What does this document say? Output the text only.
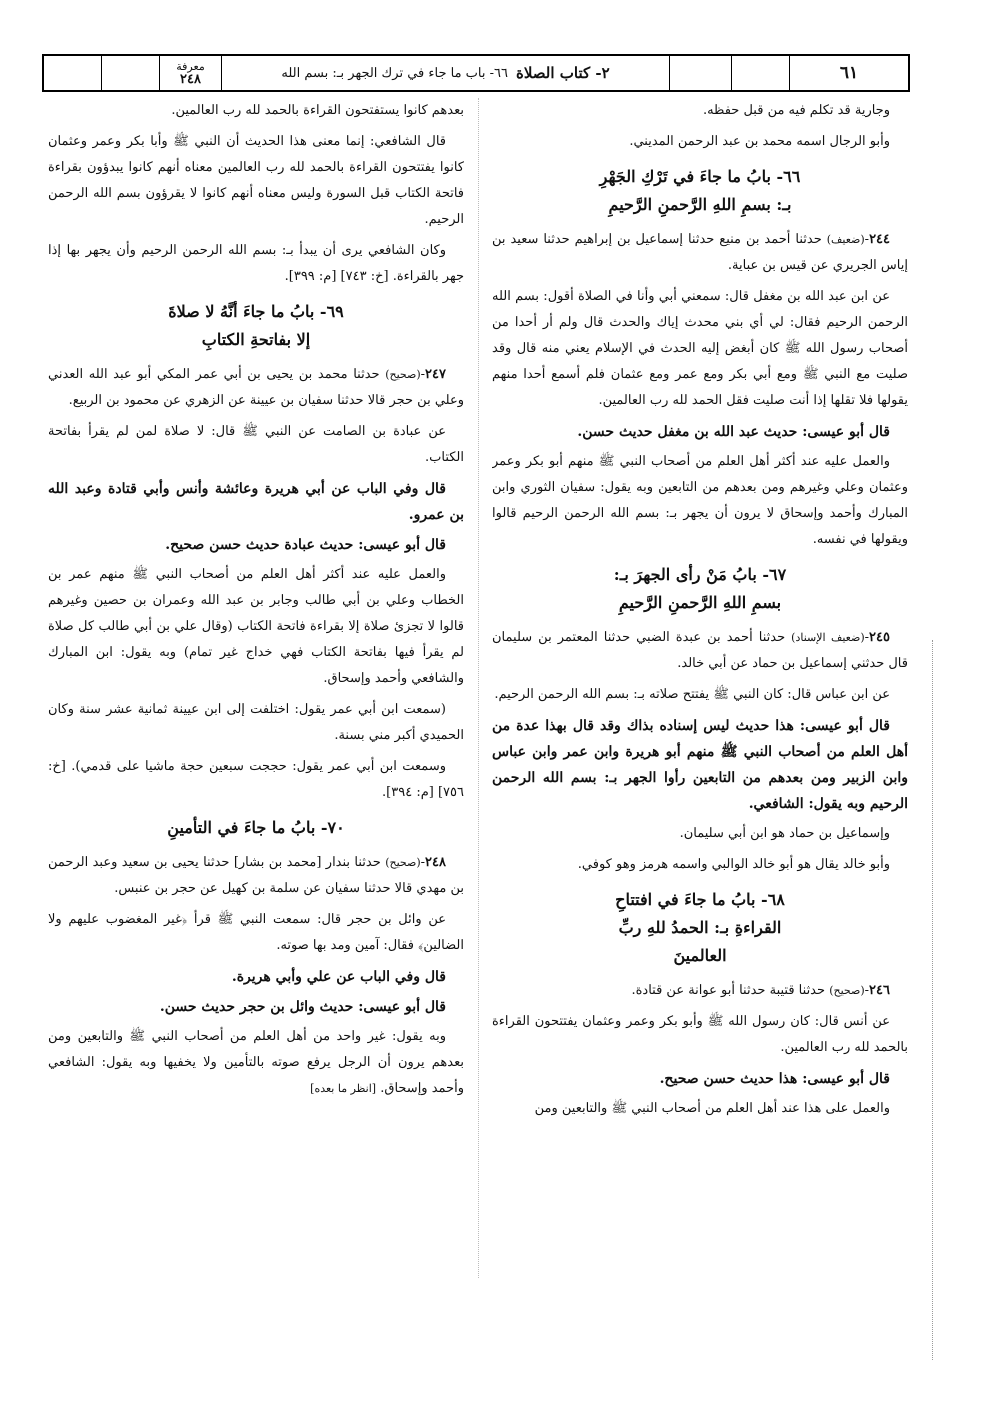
معرفة
٢٤٨	٢- كتاب الصلاة
٦٦- باب ما جاء في ترك الجهر بـ: بسم الله	٦١

وجارية قد تكلم فيه من قبل حفظه.

وأبو الرجال اسمه محمد بن عبد الرحمن المديني.

٦٦- بابُ ما جاءَ في تَرْكِ الجَهْرِ
بـ: بسمِ اللهِ الرَّحمنِ الرَّحيمِ

٢٤٤-(ضعيف) حدثنا أحمد بن منيع حدثنا إسماعيل بن إبراهيم حدثنا سعيد بن إياس الجريري عن قيس بن عباية.

عن ابن عبد الله بن مغفل قال: سمعني أبي وأنا في الصلاة أقول: بسم الله الرحمن الرحيم فقال: لي أي بني محدث إياك والحدث قال ولم أر أحدا من أصحاب رسول الله ﷺ كان أبغض إليه الحدث في الإسلام يعني منه قال وقد صليت مع النبي ﷺ ومع أبي بكر ومع عمر ومع عثمان فلم أسمع أحدا منهم يقولها فلا تقلها إذا أنت صليت فقل الحمد لله رب العالمين.

قال أبو عيسى: حديث عبد الله بن مغفل حديث حسن.

والعمل عليه عند أكثر أهل العلم من أصحاب النبي ﷺ منهم أبو بكر وعمر وعثمان وعلي وغيرهم ومن بعدهم من التابعين وبه يقول: سفيان الثوري وابن المبارك وأحمد وإسحاق لا يرون أن يجهر بـ: بسم الله الرحمن الرحيم قالوا ويقولها في نفسه.

٦٧- بابُ مَنْ رأى الجهرَ بـ:
بسمِ اللهِ الرَّحمنِ الرَّحيمِ

٢٤٥-(ضعيف الإسناد) حدثنا أحمد بن عبدة الضبي حدثنا المعتمر بن سليمان قال حدثني إسماعيل بن حماد عن أبي خالد.

عن ابن عباس قال: كان النبي ﷺ يفتتح صلاته بـ: بسم الله الرحمن الرحيم.

قال أبو عيسى: هذا حديث ليس إسناده بذاك وقد قال بهذا عدة من أهل العلم من أصحاب النبي ﷺ منهم أبو هريرة وابن عمر وابن عباس وابن الزبير ومن بعدهم من التابعين رأوا الجهر بـ: بسم الله الرحمن الرحيم وبه يقول: الشافعي.

وإسماعيل بن حماد هو ابن أبي سليمان.

وأبو خالد يقال هو أبو خالد الوالبي واسمه هرمز وهو كوفي.

٦٨- بابُ ما جاءَ في افتتاحِ
القراءةِ بـ: الحمدُ للهِ ربِّ
العالمينَ

٢٤٦-(صحيح) حدثنا قتيبة حدثنا أبو عوانة عن قتادة.

عن أنس قال: كان رسول الله ﷺ وأبو بكر وعمر وعثمان يفتتحون القراءة بالحمد لله رب العالمين.

قال أبو عيسى: هذا حديث حسن صحيح.

والعمل على هذا عند أهل العلم من أصحاب النبي ﷺ والتابعين ومن

بعدهم كانوا يستفتحون القراءة بالحمد لله رب العالمين.

قال الشافعي: إنما معنى هذا الحديث أن النبي ﷺ وأبا بكر وعمر وعثمان كانوا يفتتحون القراءة بالحمد لله رب العالمين معناه أنهم كانوا يبدؤون بقراءة فاتحة الكتاب قبل السورة وليس معناه أنهم كانوا لا يقرؤون بسم الله الرحمن الرحيم.

وكان الشافعي يرى أن يبدأ بـ: بسم الله الرحمن الرحيم وأن يجهر بها إذا جهر بالقراءة. [خ: ٧٤٣] [م: ٣٩٩].

٦٩- بابُ ما جاءَ أنَّهُ لا صلاةَ
إلا بفاتحةِ الكتابِ

٢٤٧-(صحيح) حدثنا محمد بن يحيى بن أبي عمر المكي أبو عبد الله العدني وعلي بن حجر قالا حدثنا سفيان بن عيينة عن الزهري عن محمود بن الربيع.

عن عبادة بن الصامت عن النبي ﷺ قال: لا صلاة لمن لم يقرأ بفاتحة الكتاب.

قال وفي الباب عن أبي هريرة وعائشة وأنس وأبي قتادة وعبد الله بن عمرو.

قال أبو عيسى: حديث عبادة حديث حسن صحيح.

والعمل عليه عند أكثر أهل العلم من أصحاب النبي ﷺ منهم عمر بن الخطاب وعلي بن أبي طالب وجابر بن عبد الله وعمران بن حصين وغيرهم قالوا لا تجزئ صلاة إلا بقراءة فاتحة الكتاب (وقال علي بن أبي طالب كل صلاة لم يقرأ فيها بفاتحة الكتاب فهي خداج غير تمام) وبه يقول: ابن المبارك والشافعي وأحمد وإسحاق.

(سمعت ابن أبي عمر يقول: اختلفت إلى ابن عيينة ثمانية عشر سنة وكان الحميدي أكبر مني بسنة.

وسمعت ابن أبي عمر يقول: حججت سبعين حجة ماشيا على قدمي). [خ: ٧٥٦] [م: ٣٩٤].

٧٠- بابُ ما جاءَ في التأمينِ

٢٤٨-(صحيح) حدثنا بندار [محمد بن بشار] حدثنا يحيى بن سعيد وعبد الرحمن بن مهدي قالا حدثنا سفيان عن سلمة بن كهيل عن حجر بن عنبس.

عن وائل بن حجر قال: سمعت النبي ﷺ قرأ ﴿غير المغضوب عليهم ولا الضالين﴾ فقال: آمين ومد بها صوته.

قال وفي الباب عن علي وأبي هريرة.

قال أبو عيسى: حديث وائل بن حجر حديث حسن.

وبه يقول: غير واحد من أهل العلم من أصحاب النبي ﷺ والتابعين ومن بعدهم يرون أن الرجل يرفع صوته بالتأمين ولا يخفيها وبه يقول: الشافعي وأحمد وإسحاق. [انظر ما بعده]
